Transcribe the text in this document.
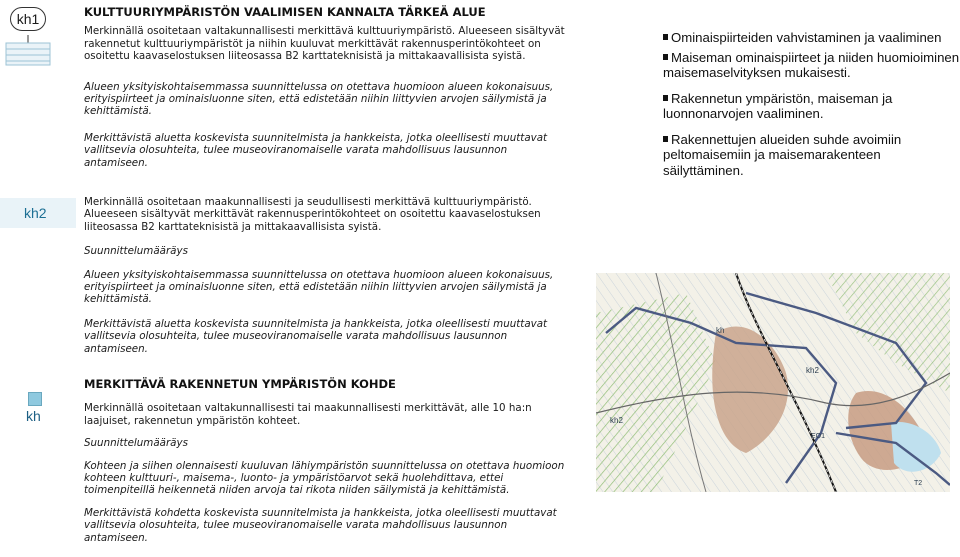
kh1
kh2
kh
KULTTUURIYMPÄRISTÖN VAALIMISEN KANNALTA TÄRKEÄ ALUE

Merkinnällä osoitetaan valtakunnallisesti merkittävä kulttuuriympäristö. Alueeseen sisältyvät rakennetut kulttuuriympäristöt ja niihin kuuluvat merkittävät rakennusperintökohteet on osoitettu kaavaselostuksen liiteosassa B2 karttateknisistä ja mittakaavallisista syistä.

Alueen yksityiskohtaisemmassa suunnittelussa on otettava huomioon alueen kokonaisuus, erityispiirteet ja ominaisluonne siten, että edistetään niihin liittyvien arvojen säilymistä ja kehittämistä.

Merkittävistä aluetta koskevista suunnitelmista ja hankkeista, jotka oleellisesti muuttavat vallitsevia olosuhteita, tulee museoviranomaiselle varata mahdollisuus lausunnon antamiseen.

Merkinnällä osoitetaan maakunnallisesti ja seudullisesti merkittävä kulttuuriympäristö. Alueeseen sisältyvät merkittävät rakennusperintökohteet on osoitettu kaavaselostuksen liiteosassa B2 karttateknisistä ja mittakaavallisista syistä.

Suunnittelumääräys

Alueen yksityiskohtaisemmassa suunnittelussa on otettava huomioon alueen kokonaisuus, erityispiirteet ja ominaisluonne siten, että edistetään niihin liittyvien arvojen säilymistä ja kehittämistä.

Merkittävistä aluetta koskevista suunnitelmista ja hankkeista, jotka oleellisesti muuttavat vallitsevia olosuhteita, tulee museoviranomaiselle varata mahdollisuus lausunnon antamiseen.

MERKITTÄVÄ RAKENNETUN YMPÄRISTÖN KOHDE

Merkinnällä osoitetaan valtakunnallisesti tai maakunnallisesti merkittävät, alle 10 ha:n laajuiset, rakennetun ympäristön kohteet.

Suunnittelumääräys

Kohteen ja siihen olennaisesti kuuluvan lähiympäristön suunnittelussa on otettava huomioon kohteen kulttuuri-, maisema-, luonto- ja ympäristöarvot sekä huolehdittava, ettei toimenpiteillä heikennetä niiden arvoja tai rikota niiden säilymistä ja kehittämistä.

Merkittävistä kohdetta koskevista suunnitelmista ja hankkeista, jotka oleellisesti muuttavat vallitsevia olosuhteita, tulee museoviranomaiselle varata mahdollisuus lausunnon antamiseen.

Ominaispiirteiden vahvistaminen ja vaaliminen

Maiseman ominaispiirteet ja niiden huomioiminen maisemaselvityksen mukaisesti.

Rakennetun ympäristön, maiseman ja luonnonarvojen vaaliminen.

Rakennettujen alueiden suhde avoimiin peltomaisemiin ja maisemarakenteen säilyttäminen.

kh2
kh
kh2
EO1
T2
